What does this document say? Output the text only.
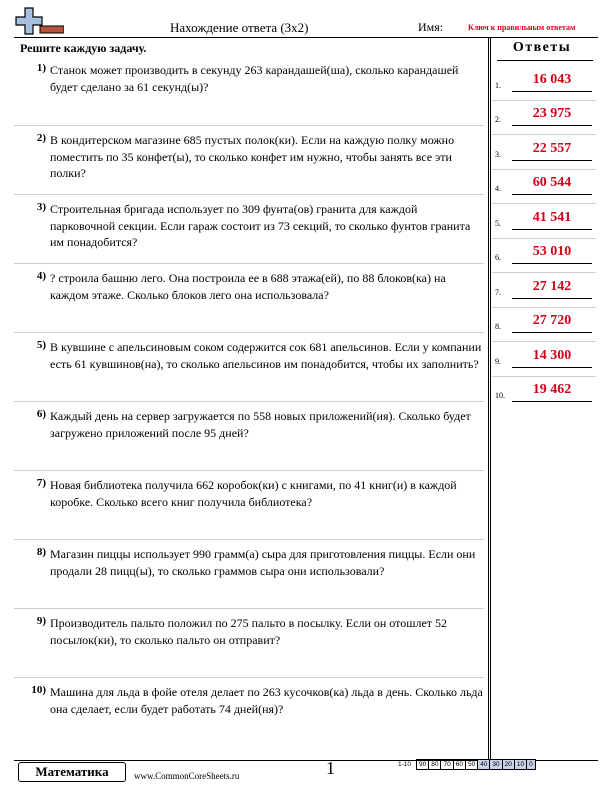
Нахождение ответа (3x2)	Имя:	Ключ к правильным ответам
Решите каждую задачу.
1) Станок может производить в секунду 263 карандашей(ша), сколько карандашей будет сделано за 61 секунд(ы)?
2) В кондитерском магазине 685 пустых полок(ки). Если на каждую полку можно поместить по 35 конфет(ы), то сколько конфет им нужно, чтобы занять все эти полки?
3) Строительная бригада использует по 309 фунта(ов) гранита для каждой парковочной секции. Если гараж состоит из 73 секций, то сколько фунтов гранита им понадобится?
4) ? строила башню лего. Она построила ее в 688 этажа(ей), по 88 блоков(ка) на каждом этаже. Сколько блоков лего она использовала?
5) В кувшине с апельсиновым соком содержится сок 681 апельсинов. Если у компании есть 61 кувшинов(на), то сколько апельсинов им понадобится, чтобы их заполнить?
6) Каждый день на сервер загружается по 558 новых приложений(ия). Сколько будет загружено приложений после 95 дней?
7) Новая библиотека получила 662 коробок(ки) с книгами, по 41 книг(и) в каждой коробке. Сколько всего книг получила библиотека?
8) Магазин пиццы использует 990 грамм(а) сыра для приготовления пиццы. Если они продали 28 пицц(ы), то сколько граммов сыра они использовали?
9) Производитель пальто положил по 275 пальто в посылку. Если он отошлет 52 посылок(ки), то сколько пальто он отправит?
10) Машина для льда в фойе отеля делает по 263 кусочков(ка) льда в день. Сколько льда она сделает, если будет работать 74 дней(ня)?
Ответы
1.	16 043
2.	23 975
3.	22 557
4.	60 544
5.	41 541
6.	53 010
7.	27 142
8.	27 720
9.	14 300
10.	19 462
Математика	www.CommonCoreSheets.ru	1	1-10	90	80	70	60	50	40	30	20	10	0
